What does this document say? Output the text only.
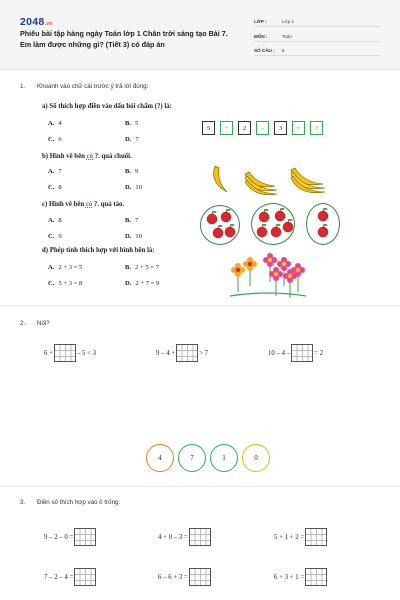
2048.vn
Phiếu bài tập hàng ngày Toán lớp 1 Chân trời sáng tạo Bài 7. Em làm được những gì? (Tiết 3) có đáp án
LỚP :	Lớp 1
MÔN :	Toán
SỐ CÂU : 5
1. Khoanh vào chữ cái trước ý trả lời đúng:
a) Số thích hợp điền vào dấu hỏi chấm (?) là:
A. 4	B. 5
C. 6	D. 7
5	+	2	–	3	=	?
b) Hình vẽ bên có ?. quả chuối.
A. 7	B. 9
C. 8	D. 10
c) Hình vẽ bên có ?. quả táo.
A. 8	B. 7
C. 9	D. 10
d) Phép tính thích hợp với hình bên là:
A. 2 + 3 = 5	B. 2 + 5 = 7
C. 5 + 3 = 8	D. 2 + 7 = 9
2. Nối?
6 +	– 5 < 3	9 – 4 +	> 7	10 – 4 –	= 2
4	7	1	0
3. Điền số thích hợp vào ô trống:
9 – 2 – 0 =	4 + 0 – 3 =	5 + 1 + 2 =
7 – 2 – 4 =	6 – 6 + 3 =	6 + 3 + 1 =
